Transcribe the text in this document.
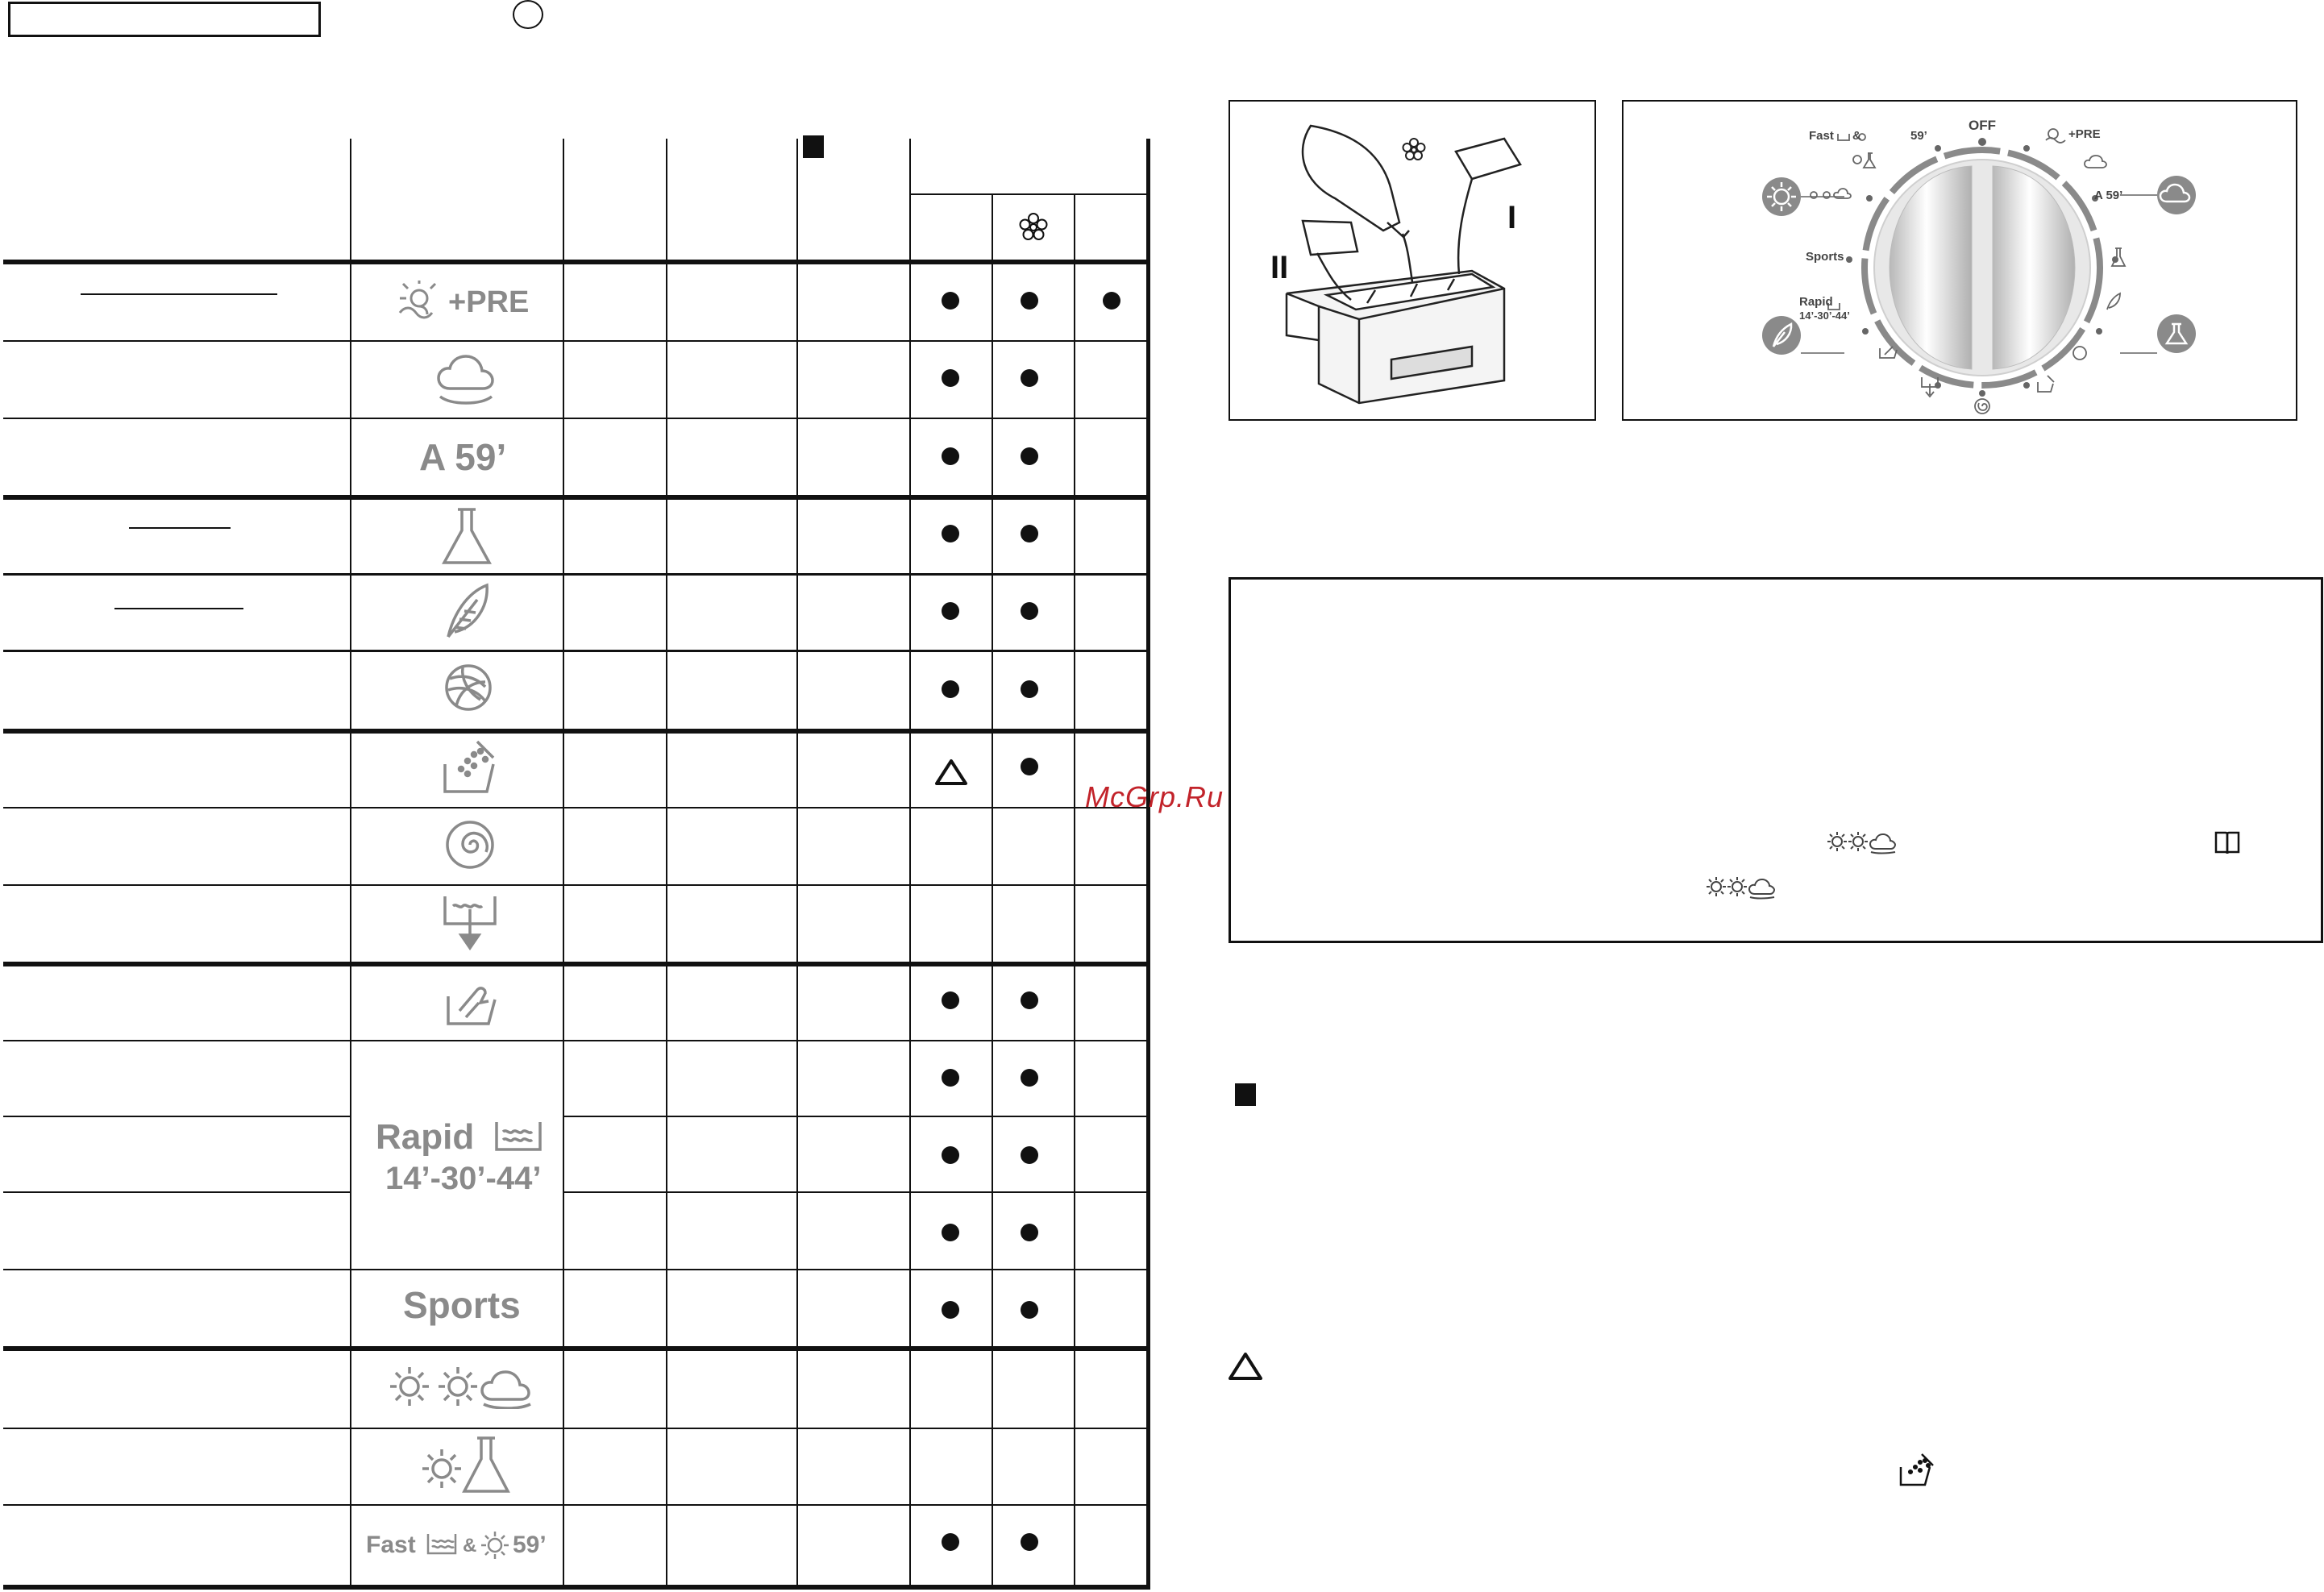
+PRE
A 59’
Rapid
14’-30’-44’
Sports
Fast & 59’
McGrp.Ru
II
I
OFF
+PRE
Fast &	59’
A 59’
Sports
Rapid
14’-30’-44’
